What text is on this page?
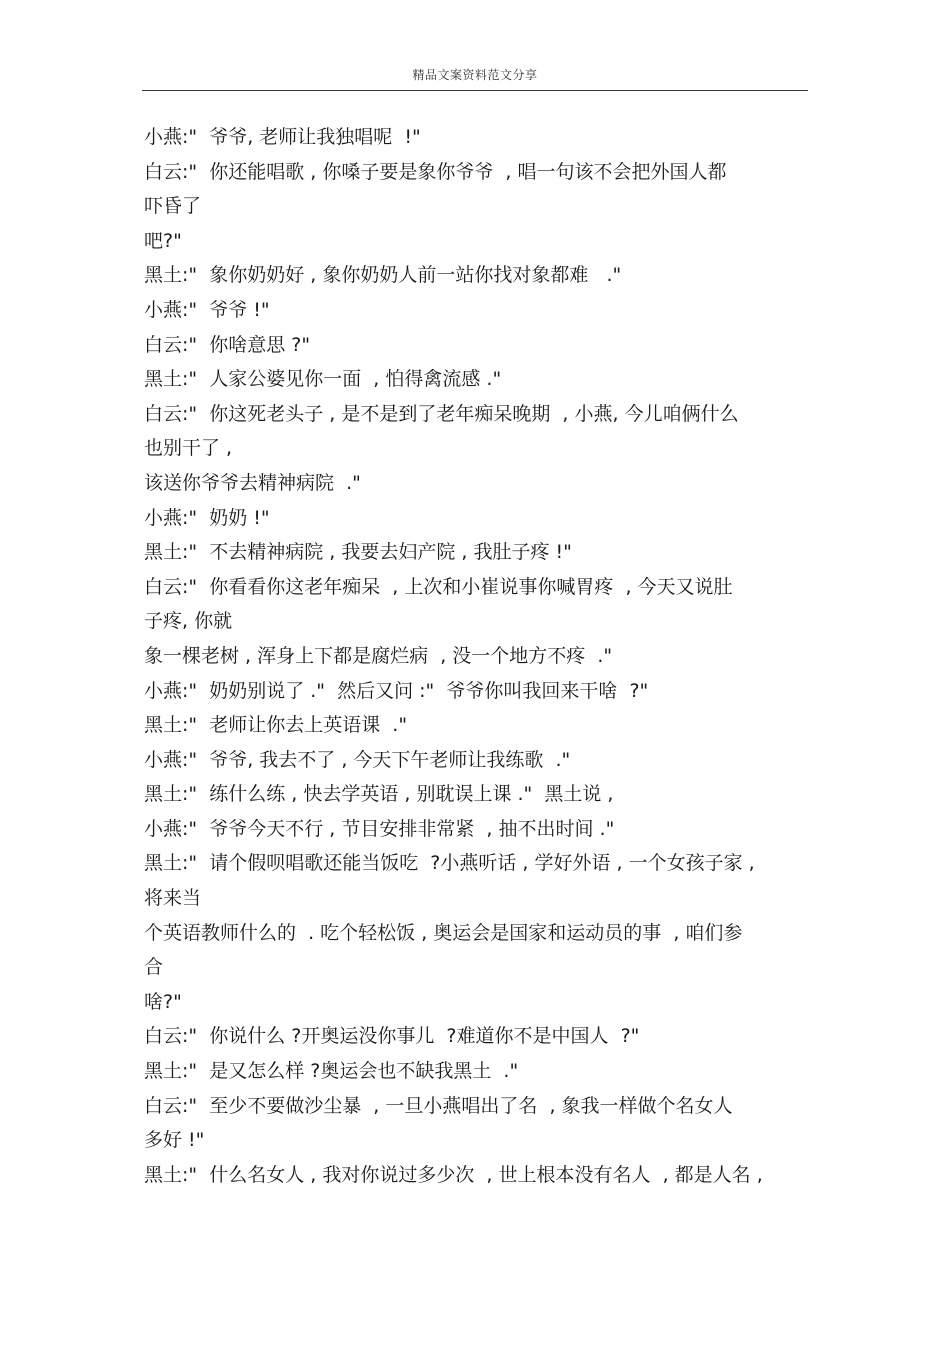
精品文案资料范文分享
小燕:"  爷爷, 老师让我独唱呢  !"
白云:"  你还能唱歌 , 你嗓子要是象你爷爷  , 唱一句该不会把外国人都
吓昏了
吧?"
黑土:"  象你奶奶好 , 象你奶奶人前一站你找对象都难   ."
小燕:"  爷爷 !"
白云:"  你啥意思 ?"
黑土:"  人家公婆见你一面  , 怕得禽流感 ."
白云:"  你这死老头子 , 是不是到了老年痴呆晚期  , 小燕, 今儿咱俩什么
也别干了 ,
该送你爷爷去精神病院  ."
小燕:"  奶奶 !"
黑土:"  不去精神病院 , 我要去妇产院 , 我肚子疼 !"
白云:"  你看看你这老年痴呆  , 上次和小崔说事你喊胃疼  , 今天又说肚
子疼, 你就
象一棵老树 , 浑身上下都是腐烂病  , 没一个地方不疼  ."
小燕:"  奶奶别说了 ."  然后又问 :"  爷爷你叫我回来干啥  ?"
黑土:"  老师让你去上英语课  ."
小燕:"  爷爷, 我去不了 , 今天下午老师让我练歌  ."
黑土:"  练什么练 , 快去学英语 , 别耽误上课 ."  黑土说 ,
小燕:"  爷爷今天不行 , 节目安排非常紧  , 抽不出时间 ."
黑土:"  请个假呗唱歌还能当饭吃  ?小燕听话 , 学好外语 , 一个女孩子家 ,
将来当
个英语教师什么的  . 吃个轻松饭 , 奥运会是国家和运动员的事  , 咱们参
合
啥?"
白云:"  你说什么 ?开奥运没你事儿  ?难道你不是中国人  ?"
黑土:"  是又怎么样 ?奥运会也不缺我黑土  ."
白云:"  至少不要做沙尘暴  , 一旦小燕唱出了名  , 象我一样做个名女人
多好 !"
黑土:"  什么名女人 , 我对你说过多少次  , 世上根本没有名人  , 都是人名 ,
